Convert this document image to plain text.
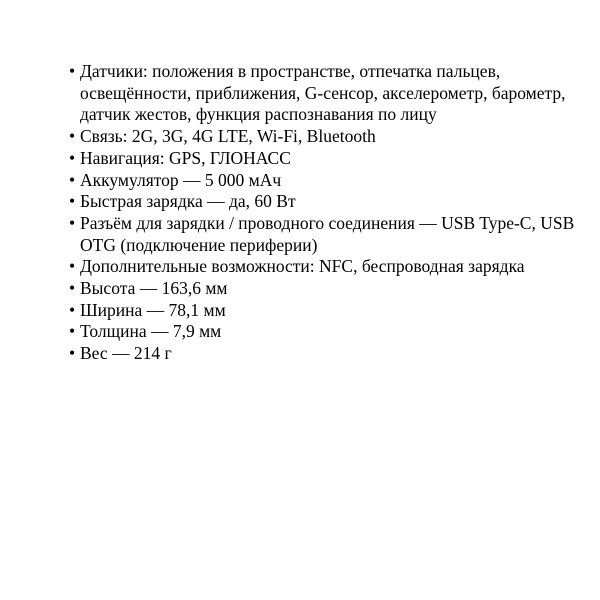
• Датчики: положения в пространстве, отпечатка пальцев, освещённости, приближения, G-сенсор, акселерометр, барометр, датчик жестов, функция распознавания по лицу
• Связь: 2G, 3G, 4G LTE, Wi-Fi, Bluetooth
• Навигация: GPS, ГЛОНАСС
• Аккумулятор — 5 000 мАч
• Быстрая зарядка — да, 60 Вт
• Разъём для зарядки / проводного соединения — USB Type-C, USB OTG (подключение периферии)
• Дополнительные возможности: NFC, беспроводная зарядка
• Высота — 163,6 мм
• Ширина — 78,1 мм
• Толщина — 7,9 мм
• Вес — 214 г
